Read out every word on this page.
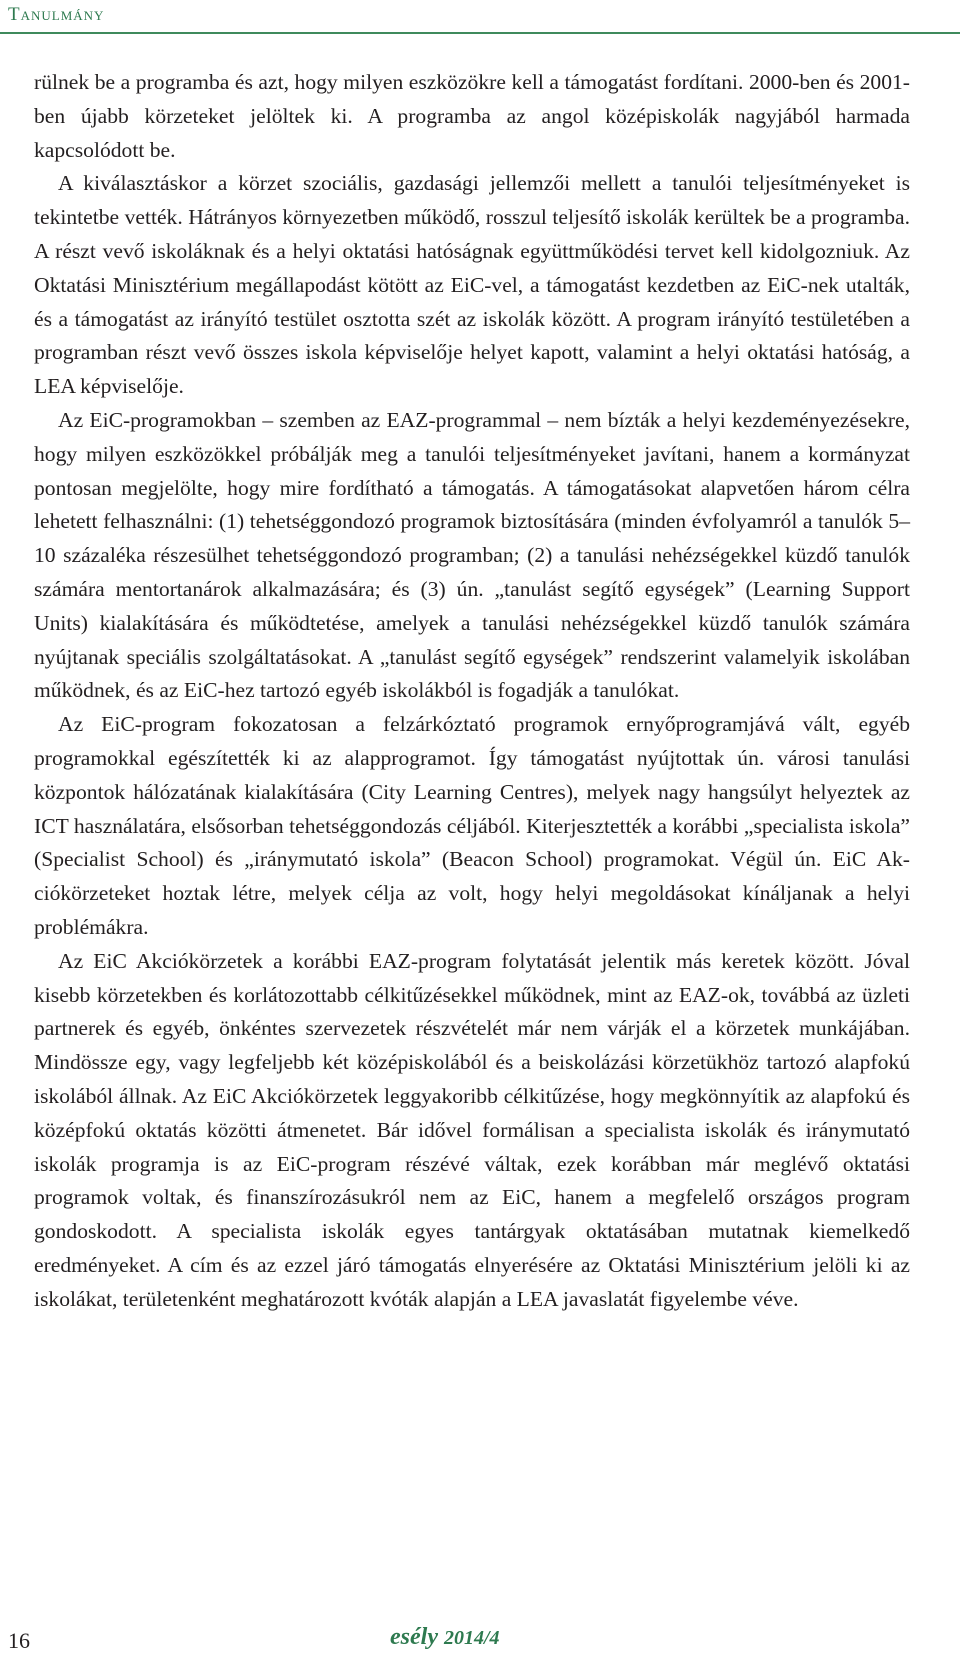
Tanulmány

rülnek be a programba és azt, hogy milyen eszközökre kell a támogatást fordítani. 2000-ben és 2001-ben újabb körzeteket jelöltek ki. A programba az angol középiskolák nagyjából harmada kapcsolódott be.

A kiválasztáskor a körzet szociális, gazdasági jellemzői mellett a tanulói teljesítményeket is tekintetbe vették. Hátrányos környezetben működő, rosszul teljesítő iskolák kerültek be a programba. A részt vevő iskoláknak és a helyi oktatási hatóságnak együttműködési tervet kell kidolgozniuk. Az Oktatási Minisztérium megállapodást kötött az EiC-vel, a támogatást kezdetben az EiC-nek utalták, és a támogatást az irányító testület osztotta szét az iskolák között. A program irányító testületében a programban részt vevő összes iskola képviselője helyet kapott, valamint a helyi oktatási hatóság, a LEA képviselője.

Az EiC-programokban – szemben az EAZ-programmal – nem bízták a helyi kezdeményezésekre, hogy milyen eszközökkel próbálják meg a tanulói teljesítményeket javítani, hanem a kormányzat pontosan megjelölte, hogy mire fordítható a támogatás. A támogatásokat alapvetően három célra lehetett felhasználni: (1) tehetséggondozó programok biztosítására (minden évfolyamról a tanulók 5–10 százaléka részesülhet tehetséggondozó programban; (2) a tanulási nehézségekkel küzdő tanulók számára mentortanárok alkalmazására; és (3) ún. „tanulást segítő egységek” (Learning Support Units) kialakítására és működtetése, amelyek a tanulási nehézségekkel küzdő tanulók számára nyújtanak speciális szolgáltatásokat. A „tanulást segítő egységek” rendszerint valamelyik iskolában működnek, és az EiC-hez tartozó egyéb iskolákból is fogadják a tanulókat.

Az EiC-program fokozatosan a felzárkóztató programok ernyőprogramjává vált, egyéb programokkal egészítették ki az alapprogramot. Így támogatást nyújtottak ún. városi tanulási központok hálózatának kialakítására (City Learning Centres), melyek nagy hangsúlyt helyeztek az ICT használatára, elsősorban tehetséggondozás céljából. Kiterjesztették a korábbi „specialista iskola” (Specialist School) és „iránymutató iskola” (Beacon School) programokat. Végül ún. EiC Akciókörzeteket hoztak létre, melyek célja az volt, hogy helyi megoldásokat kínáljanak a helyi problémákra.

Az EiC Akciókörzetek a korábbi EAZ-program folytatását jelentik más keretek között. Jóval kisebb körzetekben és korlátozottabb célkitűzésekkel működnek, mint az EAZ-ok, továbbá az üzleti partnerek és egyéb, önkéntes szervezetek részvételét már nem várják el a körzetek munkájában. Mindössze egy, vagy legfeljebb két középiskolából és a beiskolázási körzetükhöz tartozó alapfokú iskolából állnak. Az EiC Akciókörzetek leggyakoribb célkitűzése, hogy megkönnyítik az alapfokú és középfokú oktatás közötti átmenetet. Bár idővel formálisan a specialista iskolák és iránymutató iskolák programja is az EiC-program részévé váltak, ezek korábban már meglévő oktatási programok voltak, és finanszírozásukról nem az EiC, hanem a megfelelő országos program gondoskodott. A specialista iskolák egyes tantárgyak oktatásában mutatnak kiemelkedő eredményeket. A cím és az ezzel járó támogatás elnyerésére az Oktatási Minisztérium jelöli ki az iskolákat, területenként meghatározott kvóták alapján a LEA javaslatát figyelembe véve.

16	esély 2014/4
